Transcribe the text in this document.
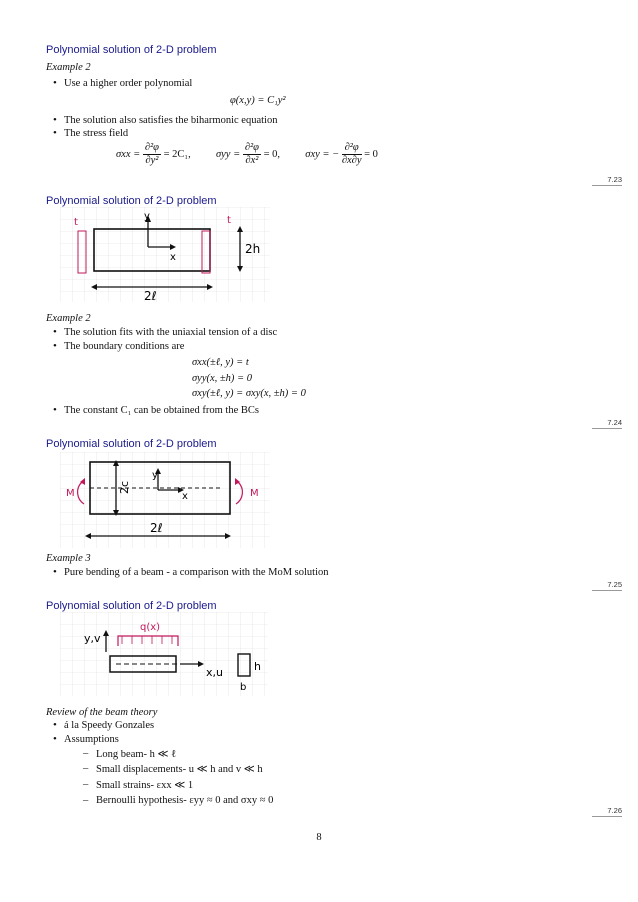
Polynomial solution of 2-D problem
Example 2
• Use a higher order polynomial
φ(x,y) = C₁y²
• The solution also satisfies the biharmonic equation
• The stress field
$\sigma xx = \frac{\text{∂²φ}}{\text{∂y²}} = 2C_1$, $\sigma yy = \frac{\text{∂²φ}}{\text{∂x²}} = 0$, σxy = − $\frac{\text{∂²φ}}{\partial x\partial y} = 0$
7.23
Polynomial solution of 2-D problem
t	t
y
x
2h
2ℓ
Example 2
• The solution fits with the uniaxial tension of a disc
• The boundary conditions are
σxx(±ℓ, y) = t
σyy(x, ±h) = 0
σxy(±ℓ, y) = σxy(x, ±h) = 0
• The constant C₁ can be obtained from the BCs
7.24
Polynomial solution of 2-D problem
M	M
y
x
2c
2ℓ
Example 3
• Pure bending of a beam - a comparison with the MoM solution
7.25
Polynomial solution of 2-D problem
y,v
x,u
q(x)
h
b
Review of the beam theory
• á la Speedy Gonzales
• Assumptions
– Long beam- h ≪ ℓ
– Small displacements- u ≪ h and v ≪ h
– Small strains- εxx ≪ 1
– Bernoulli hypothesis- εyy ≈ 0 and σxy ≈ 0
7.26
8
